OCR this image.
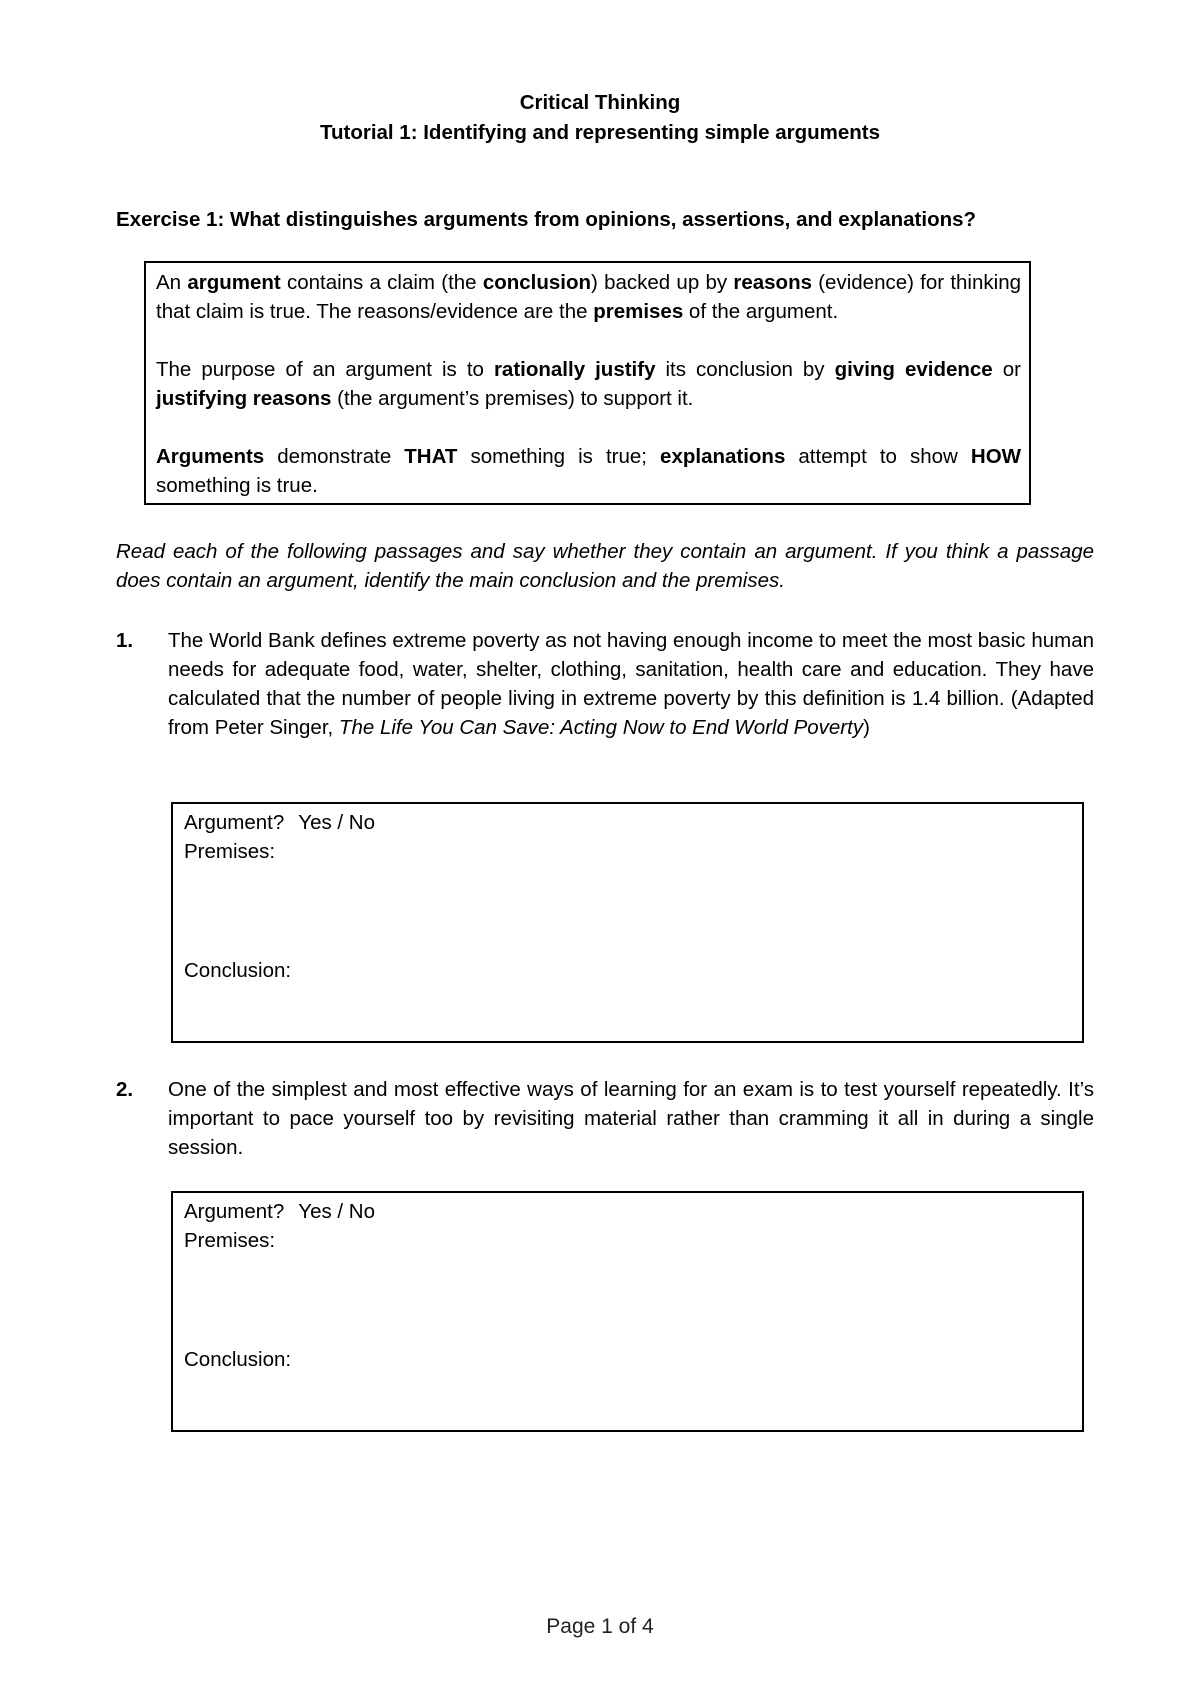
Critical Thinking
Tutorial 1: Identifying and representing simple arguments
Exercise 1: What distinguishes arguments from opinions, assertions, and explanations?

An argument contains a claim (the conclusion) backed up by reasons (evidence) for thinking that claim is true. The reasons/evidence are the premises of the argument.

The purpose of an argument is to rationally justify its conclusion by giving evidence or justifying reasons (the argument’s premises) to support it.

Arguments demonstrate THAT something is true; explanations attempt to show HOW something is true.

Read each of the following passages and say whether they contain an argument. If you think a passage does contain an argument, identify the main conclusion and the premises.
1. The World Bank defines extreme poverty as not having enough income to meet the most basic human needs for adequate food, water, shelter, clothing, sanitation, health care and education. They have calculated that the number of people living in extreme poverty by this definition is 1.4 billion. (Adapted from Peter Singer, The Life You Can Save: Acting Now to End World Poverty)
Argument? Yes / No
Premises:
Conclusion:
2. One of the simplest and most effective ways of learning for an exam is to test yourself repeatedly. It’s important to pace yourself too by revisiting material rather than cramming it all in during a single session.
Argument? Yes / No
Premises:
Conclusion:
Page 1 of 4
